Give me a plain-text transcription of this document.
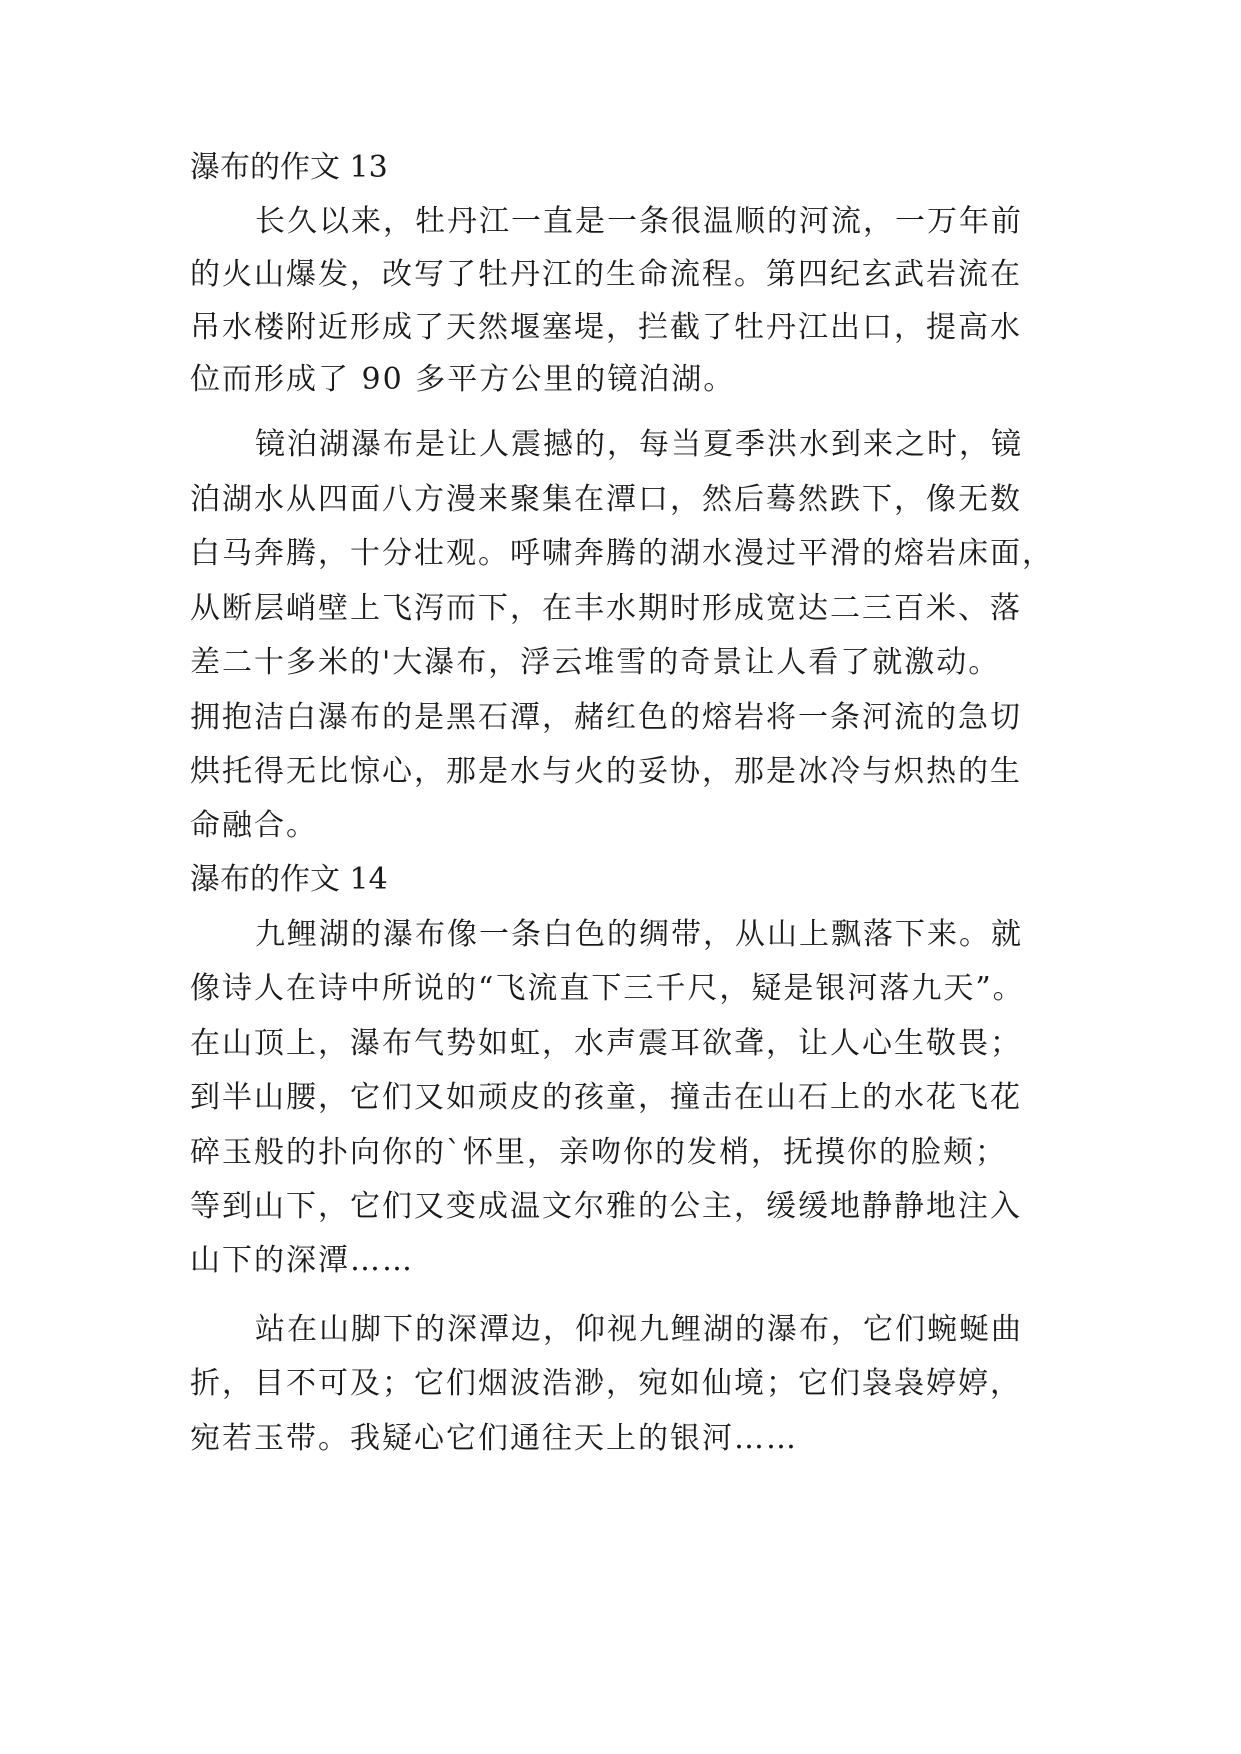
瀑布的作文 13
长久以来，牡丹江一直是一条很温顺的河流，一万年前
的火山爆发，改写了牡丹江的生命流程。第四纪玄武岩流在
吊水楼附近形成了天然堰塞堤，拦截了牡丹江出口，提高水
位而形成了 90 多平方公里的镜泊湖。
镜泊湖瀑布是让人震撼的，每当夏季洪水到来之时，镜
泊湖水从四面八方漫来聚集在潭口，然后蓦然跌下，像无数
白马奔腾，十分壮观。呼啸奔腾的湖水漫过平滑的熔岩床面，
从断层峭壁上飞泻而下，在丰水期时形成宽达二三百米、落
差二十多米的'大瀑布，浮云堆雪的奇景让人看了就激动。
拥抱洁白瀑布的是黑石潭，赭红色的熔岩将一条河流的急切
烘托得无比惊心，那是水与火的妥协，那是冰冷与炽热的生
命融合。
瀑布的作文 14
九鲤湖的瀑布像一条白色的绸带，从山上飘落下来。就
像诗人在诗中所说的“飞流直下三千尺，疑是银河落九天”。
在山顶上，瀑布气势如虹，水声震耳欲聋，让人心生敬畏；
到半山腰，它们又如顽皮的孩童，撞击在山石上的水花飞花
碎玉般的扑向你的`怀里，亲吻你的发梢，抚摸你的脸颊；
等到山下，它们又变成温文尔雅的公主，缓缓地静静地注入
山下的深潭……
站在山脚下的深潭边，仰视九鲤湖的瀑布，它们蜿蜒曲
折，目不可及；它们烟波浩渺，宛如仙境；它们袅袅婷婷，
宛若玉带。我疑心它们通往天上的银河……
